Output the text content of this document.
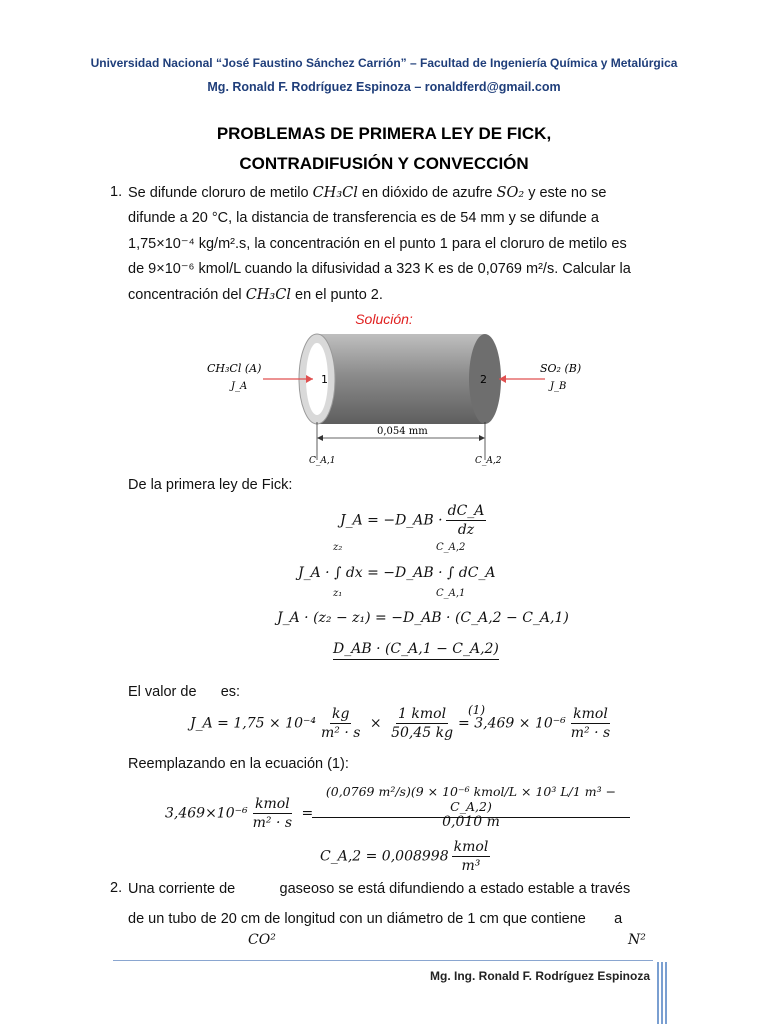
Universidad Nacional “José Faustino Sánchez Carrión” – Facultad de Ingeniería Química y Metalúrgica
Mg. Ronald F. Rodríguez Espinoza – ronaldferd@gmail.com
PROBLEMAS DE PRIMERA LEY DE FICK,
CONTRADIFUSIÓN Y CONVECCIÓN
1. Se difunde cloruro de metilo CH₃Cl en dióxido de azufre SO₂ y este no se
difunde a 20 °C, la distancia de transferencia es de 54 mm y se difunde a
1,75×10⁻⁴ kg/m².s, la concentración en el punto 1 para el cloruro de metilo es
de 9×10⁻⁶ kmol/L cuando la difusividad a 323 K es de 0,0769 m²/s. Calcular la
concentración del CH₃Cl en el punto 2.
Solución:
CH₃Cl (A)
J_A
1	2
SO₂ (B)
J_B
0,054 mm
C_A,1	C_A,2
De la primera ley de Fick:
J_A = −D_AB · $\frac{dC\_A}{dz}$
z₂
z₁
C_A,2
C_A,1
J_A · ∫ dx = −D_AB · ∫ dC_A
J_A · (z₂ − z₁) = −D_AB · (C_A,2 − C_A,1)
D_AB · (C_A,1 − C_A,2)
El valor de es:
J_A = $1,75 \times 10^{-4} \frac{kg}{\text{m² · s}} \times \frac{\text{1 kmol}}{50,45 kg} = 3,469 \times 10^{-6} \frac{\text{kmol}}{\text{m² · s}}$
(1)
Reemplazando en la ecuación (1):
$3,469\times 10^{-6} \frac{\text{kmol}}{\text{m² · s}}$ =
(0,0769 m²/s)(9 × 10⁻⁶ kmol/L × 10³ L/1 m³ − C_A,2)
0,010 m
C_A,2 = $0,008998 \frac{\text{kmol}}{\text{m³}}$
2. Una corriente de	gaseoso se está difundiendo a estado estable a través
de un tubo de 20 cm de longitud con un diámetro de 1 cm que contiene a
CO²	N²
Mg. Ing. Ronald F. Rodríguez Espinoza
